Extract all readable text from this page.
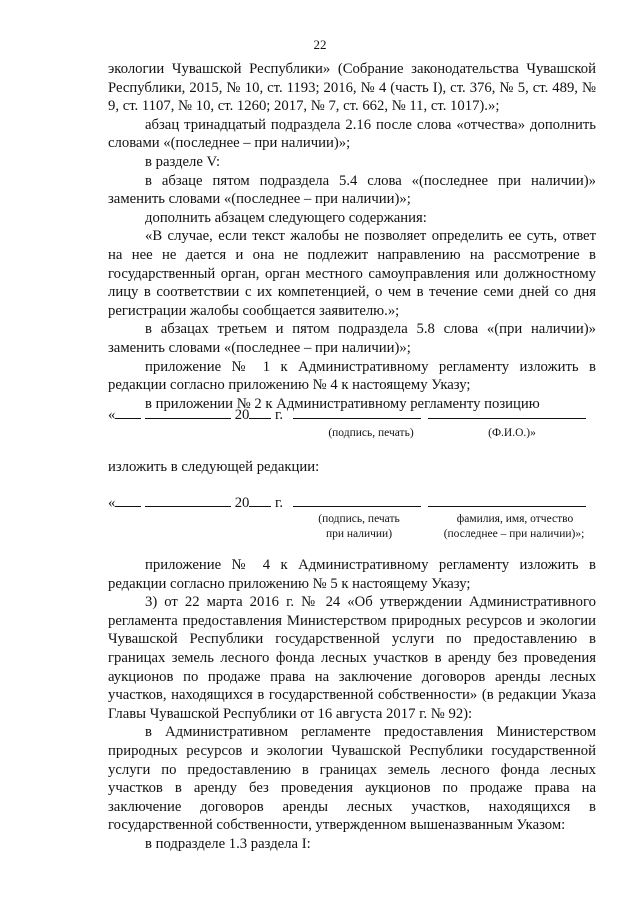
22

экологии Чувашской Республики» (Собрание законодательства Чувашской Республики, 2015, № 10, ст. 1193; 2016, № 4 (часть I), ст. 376, № 5, ст. 489, № 9, ст. 1107, № 10, ст. 1260; 2017, № 7, ст. 662, № 11, ст. 1017).»;

абзац тринадцатый подраздела 2.16 после слова «отчества» дополнить словами «(последнее – при наличии)»;

в разделе V:

в абзаце пятом подраздела 5.4 слова «(последнее при наличии)» заменить словами «(последнее – при наличии)»;

дополнить абзацем следующего содержания:

«В случае, если текст жалобы не позволяет определить ее суть, ответ на нее не дается и она не подлежит направлению на рассмотрение в государственный орган, орган местного самоуправления или должностному лицу в соответствии с их компетенцией, о чем в течение семи дней со дня регистрации жалобы сообщается заявителю.»;

в абзацах третьем и пятом подраздела 5.8 слова «(при наличии)» заменить словами «(последнее – при наличии)»;

приложение № 1 к Административному регламенту изложить в редакции согласно приложению № 4 к настоящему Указу;

в приложении № 2 к Административному регламенту позицию

«	20 г.
(подпись, печать)	(Ф.И.О.)»
изложить в следующей редакции:
«	20 г.
(подпись, печать
при наличии)
фамилия, имя, отчество
(последнее – при наличии)»;

приложение № 4 к Административному регламенту изложить в редакции согласно приложению № 5 к настоящему Указу;

3) от 22 марта 2016 г. № 24 «Об утверждении Административного регламента предоставления Министерством природных ресурсов и экологии Чувашской Республики государственной услуги по предоставлению в границах земель лесного фонда лесных участков в аренду без проведения аукционов по продаже права на заключение договоров аренды лесных участков, находящихся в государственной собственности» (в редакции Указа Главы Чувашской Республики от 16 августа 2017 г. № 92):

в Административном регламенте предоставления Министерством природных ресурсов и экологии Чувашской Республики государственной услуги по предоставлению в границах земель лесного фонда лесных участков в аренду без проведения аукционов по продаже права на заключение договоров аренды лесных участков, находящихся в государственной собственности, утвержденном вышеназванным Указом:

в подразделе 1.3 раздела I:
